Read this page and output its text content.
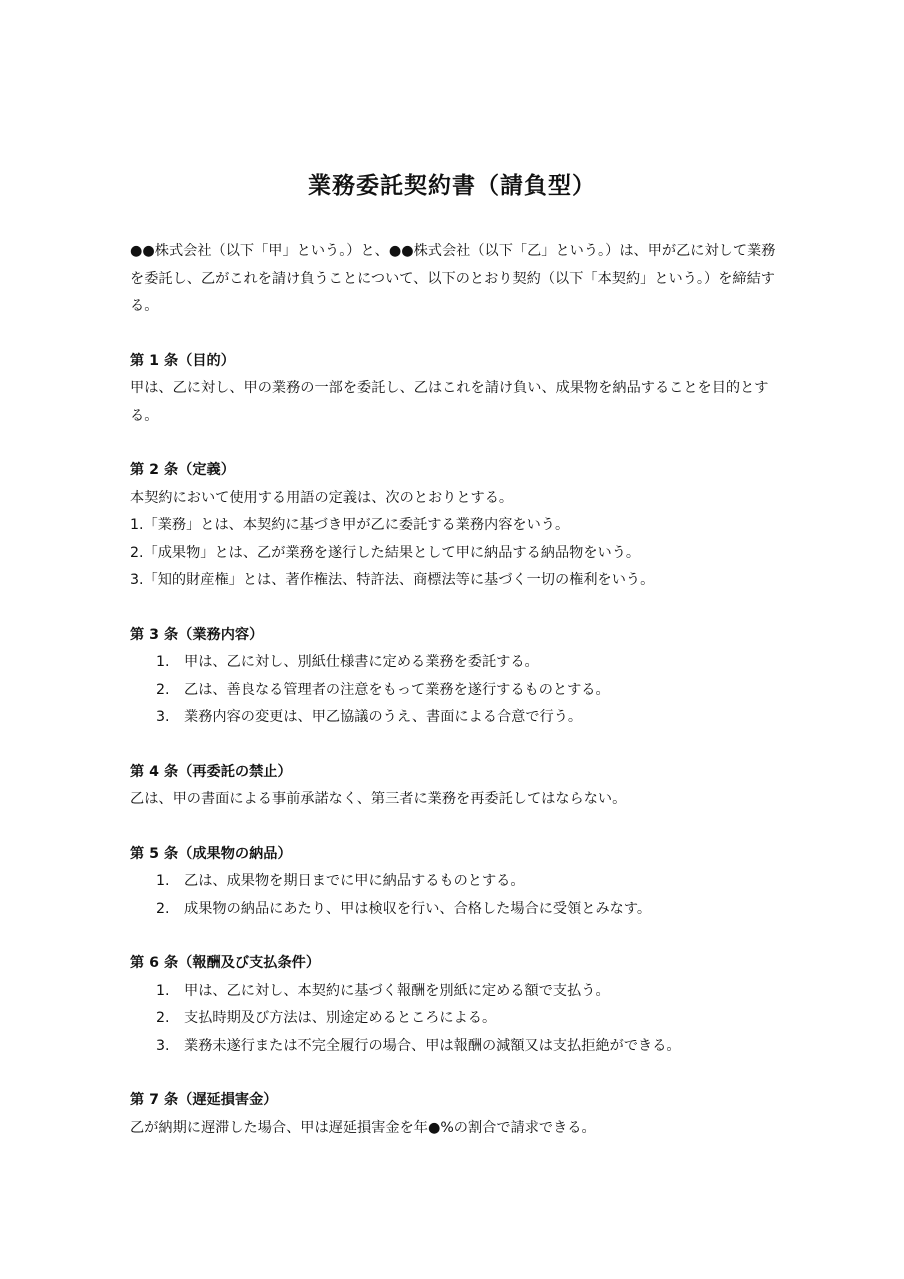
業務委託契約書（請負型）

●●株式会社（以下「甲」という。）と、●●株式会社（以下「乙」という。）は、甲が乙に対して業務を委託し、乙がこれを請け負うことについて、以下のとおり契約（以下「本契約」という。）を締結する。

第 1 条（目的）

甲は、乙に対し、甲の業務の一部を委託し、乙はこれを請け負い、成果物を納品することを目的とする。

第 2 条（定義）

本契約において使用する用語の定義は、次のとおりとする。

1.「業務」とは、本契約に基づき甲が乙に委託する業務内容をいう。

2.「成果物」とは、乙が業務を遂行した結果として甲に納品する納品物をいう。

3.「知的財産権」とは、著作権法、特許法、商標法等に基づく一切の権利をいう。

第 3 条（業務内容）

1. 甲は、乙に対し、別紙仕様書に定める業務を委託する。
2. 乙は、善良なる管理者の注意をもって業務を遂行するものとする。
3. 業務内容の変更は、甲乙協議のうえ、書面による合意で行う。

第 4 条（再委託の禁止）

乙は、甲の書面による事前承諾なく、第三者に業務を再委託してはならない。

第 5 条（成果物の納品）

1. 乙は、成果物を期日までに甲に納品するものとする。
2. 成果物の納品にあたり、甲は検収を行い、合格した場合に受領とみなす。

第 6 条（報酬及び支払条件）

1. 甲は、乙に対し、本契約に基づく報酬を別紙に定める額で支払う。
2. 支払時期及び方法は、別途定めるところによる。
3. 業務未遂行または不完全履行の場合、甲は報酬の減額又は支払拒絶ができる。

第 7 条（遅延損害金）

乙が納期に遅滞した場合、甲は遅延損害金を年●%の割合で請求できる。
